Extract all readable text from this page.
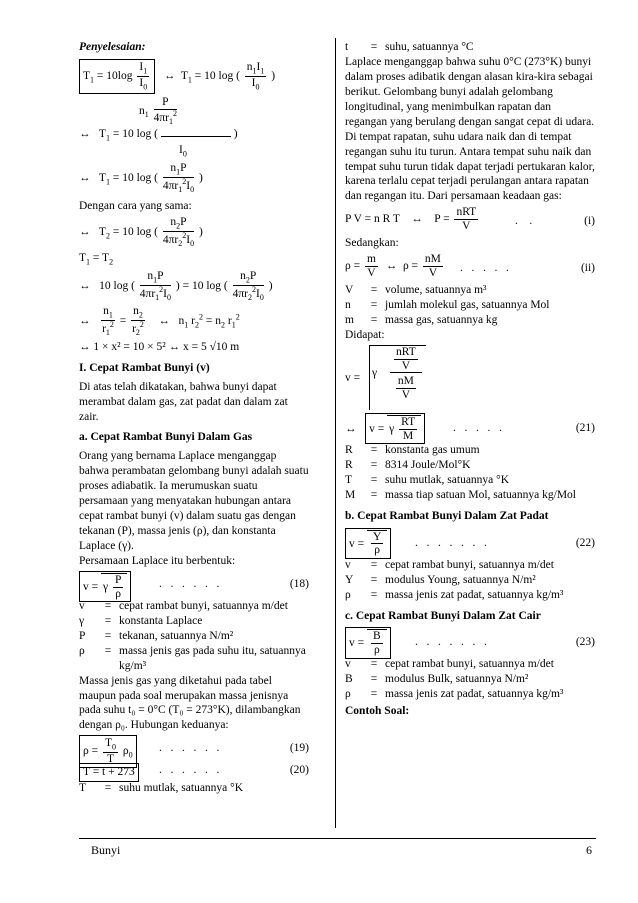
Penyelesaian:
$T_1 = 10\log \frac{I_1}{I_0}$ ↔  $T_1 = 10$ log ( $\frac{n_1I_1}{I_0}$ )
$n_1 \frac{P}{4\pi r_1^2}$
↔   $T_1 = 10$ log (	)
$I_0$
↔   $T_1 = 10$ log ( $\frac{n_1P}{4\pi r_1^2I_0}$ )
Dengan cara yang sama:
↔   $T_2 = 10$ log ( $\frac{n_2P}{4\pi r_2^2I_0}$ )
$T_1 = T_2$
↔   10 log ( $\frac{n_1P}{4\pi r_1^2I_0}$ ) = 10 log ( $\frac{n_2P}{4\pi r_2^2I_0}$ )
↔ $\frac{n_1}{r_1^2} = \frac{n_2}{r_2^2}$ ↔   $n_1$ $r_2^2 = n_2$ $r_1^2$
↔ 1 × x² = 10 × 5² ↔ x = 5 √10 m
I. Cepat Rambat Bunyi (v)

Di atas telah dikatakan, bahwa bunyi dapat merambat dalam gas, zat padat dan dalam zat zair.

a. Cepat Rambat Bunyi Dalam Gas

Orang yang bernama Laplace menganggap bahwa perambatan gelombang bunyi adalah suatu proses adiabatik. Ia merumuskan suatu persamaan yang menyatakan hubungan antara cepat rambat bunyi (v) dalam suatu gas dengan tekanan (P), massa jenis (ρ), dan konstanta Laplace (γ).

Persamaan Laplace itu berbentuk:
v = γ $\frac{P}{\rho}$	.   .   .   .   .   .	(18)
v	=	cepat rambat bunyi, satuannya m/det
γ	=	konstanta Laplace
P	=	tekanan, satuannya N/m²
ρ	=	massa jenis gas pada suhu itu, satuannya kg/m³

Massa jenis gas yang diketahui pada tabel maupun pada soal merupakan massa jenisnya pada suhu t₀ = 0°C (T₀ = 273°K), dilambangkan dengan ρ₀. Hubungan keduanya:

$\rho = \frac{T_0}{T} \rho_0$
.   .   .   .   .   .	(19)
T = t + 273 .   .   .   .   .   .	(20)
T	=	suhu mutlak, satuannya °K
t	=	suhu, satuannya °C

Laplace menganggap bahwa suhu 0°C (273°K) bunyi dalam proses adibatik dengan alasan kira-kira sebagai berikut. Gelombang bunyi adalah gelombang longitudinal, yang menimbulkan rapatan dan regangan yang berulang dengan sangat cepat di udara. Di tempat rapatan, suhu udara naik dan di tempat regangan suhu itu turun. Antara tempat suhu naik dan tempat suhu turun tidak dapat terjadi pertukaran kalor, karena terlalu cepat terjadi perulangan antara rapatan dan regangan itu. Dari persamaan keadaan gas:

P V = n R T    ↔    $P = \frac{\text{nRT}}{V}$	.    .	(i)
Sedangkan:
$\rho = \frac{m}{V}$ ↔  $\rho = \frac{nM}{V}$ .   .   .   .   .	(ii)
V	=	volume, satuannya m³
n	=	jumlah molekul gas, satuannya Mol
m	=	massa gas, satuannya kg
Didapat:
v = γ
$\frac{\text{nRT}}{V}$
$\frac{nM}{V}$
↔   v = γ $\frac{RT}{M}$	.   .   .   .   .	(21)
R	=	konstanta gas umum
R	=	8314 Joule/Mol°K
T	=	suhu mutlak, satuannya °K
M	=	massa tiap satuan Mol, satuannya kg/Mol
b. Cepat Rambat Bunyi Dalam Zat Padat
$v = \frac{Y}{\rho}$	.   .   .   .   .   .   .	(22)
v	=	cepat rambat bunyi, satuannya m/det
Y	=	modulus Young, satuannya N/m²
ρ	=	massa jenis zat padat, satuannya kg/m³
c. Cepat Rambat Bunyi Dalam Zat Cair
$v = \frac{B}{\rho}$	.   .   .   .   .   .   .	(23)
v	=	cepat rambat bunyi, satuannya m/det
B	=	modulus Bulk, satuannya N/m²
ρ	=	massa jenis zat padat, satuannya kg/m³
Contoh Soal:
Bunyi	6
